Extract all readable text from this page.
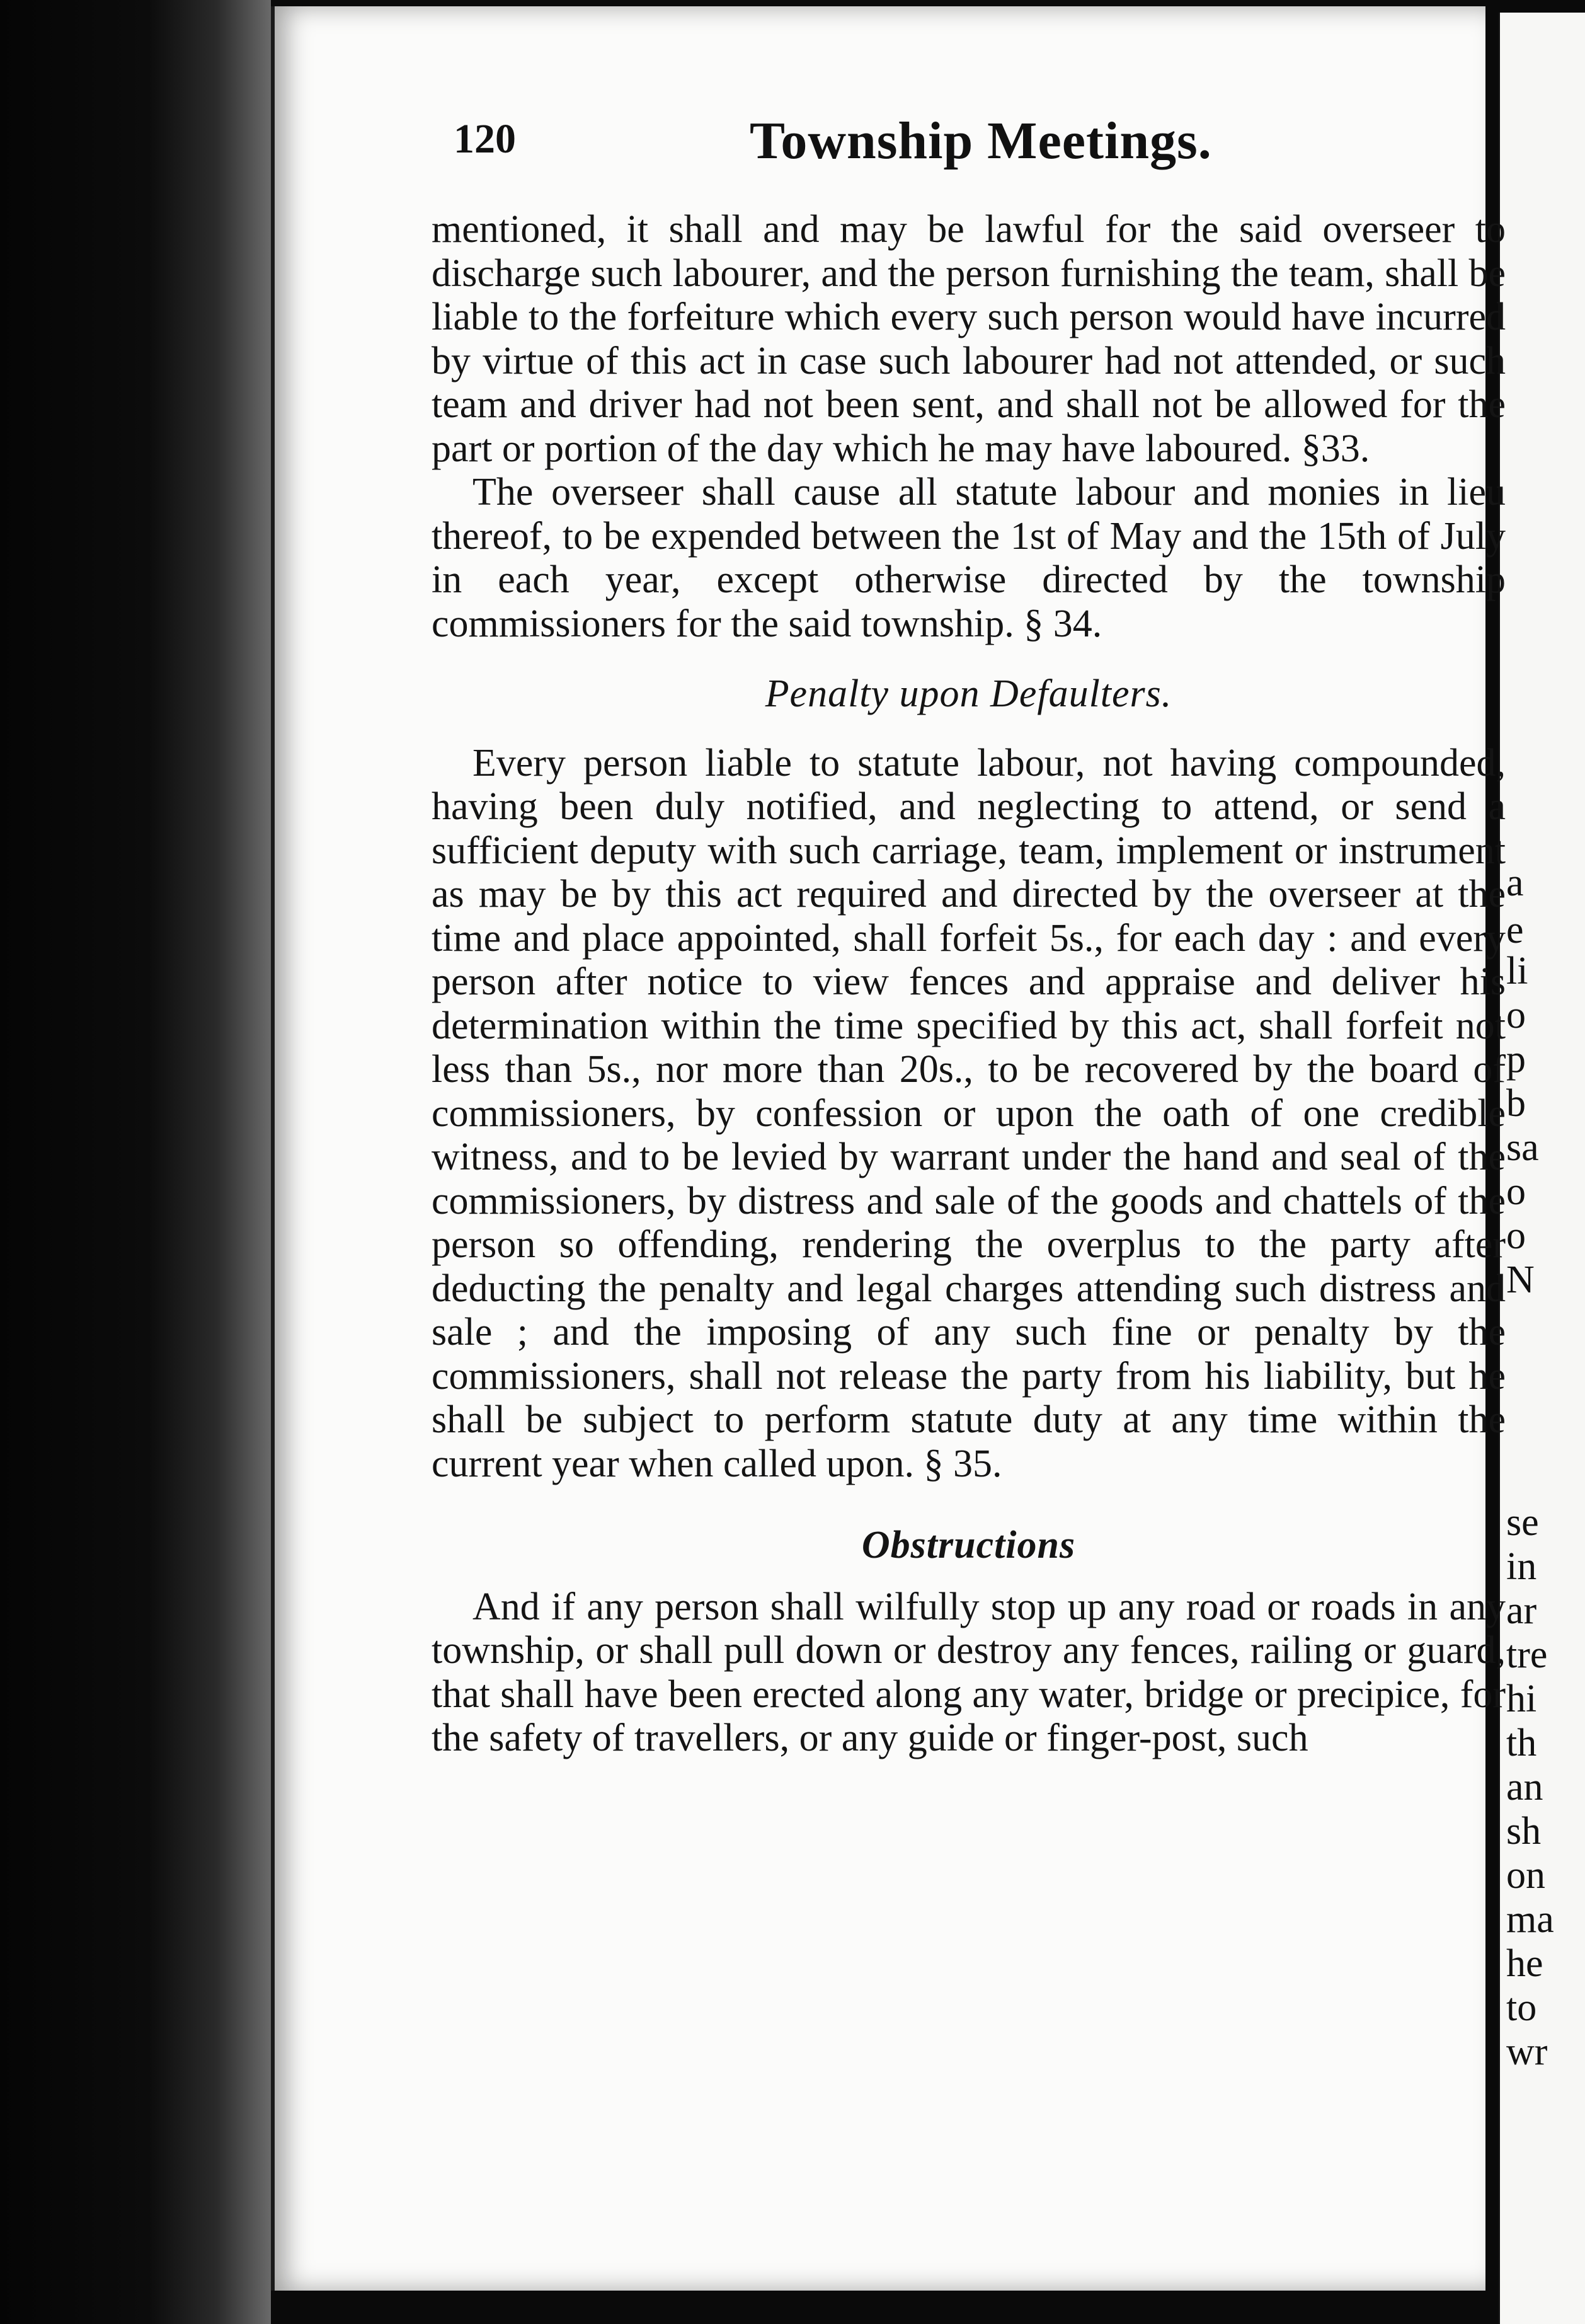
a
e
li
o
p
b
sa
o
o
N
se
in
ar
tre
hi
th
an
sh
on
ma
he
to
wr
120	Township Meetings.

mentioned, it shall and may be lawful for the said overseer to discharge such labourer, and the person furnishing the team, shall be liable to the forfeiture which every such person would have incurred by virtue of this act in case such labourer had not attended, or such team and driver had not been sent, and shall not be allowed for the part or portion of the day which he may have laboured. §33.

The overseer shall cause all statute labour and monies in lieu thereof, to be expended between the 1st of May and the 15th of July in each year, except otherwise directed by the township commissioners for the said township. § 34.

Penalty upon Defaulters.

Every person liable to statute labour, not having compounded, having been duly notified, and neglecting to attend, or send a sufficient deputy with such carriage, team, implement or instrument as may be by this act required and directed by the overseer at the time and place appointed, shall forfeit 5s., for each day : and every person after notice to view fences and appraise and deliver his determination within the time specified by this act, shall forfeit not less than 5s., nor more than 20s., to be recovered by the board of commissioners, by confession or upon the oath of one credible witness, and to be levied by warrant under the hand and seal of the commissioners, by distress and sale of the goods and chattels of the person so offending, rendering the overplus to the party after deducting the penalty and legal charges attending such distress and sale ; and the imposing of any such fine or penalty by the commissioners, shall not release the party from his liability, but he shall be subject to perform statute duty at any time within the current year when called upon. § 35.

Obstructions

And if any person shall wilfully stop up any road or roads in any township, or shall pull down or destroy any fences, railing or guard, that shall have been erected along any water, bridge or precipice, for the safety of travellers, or any guide or finger-post, such
